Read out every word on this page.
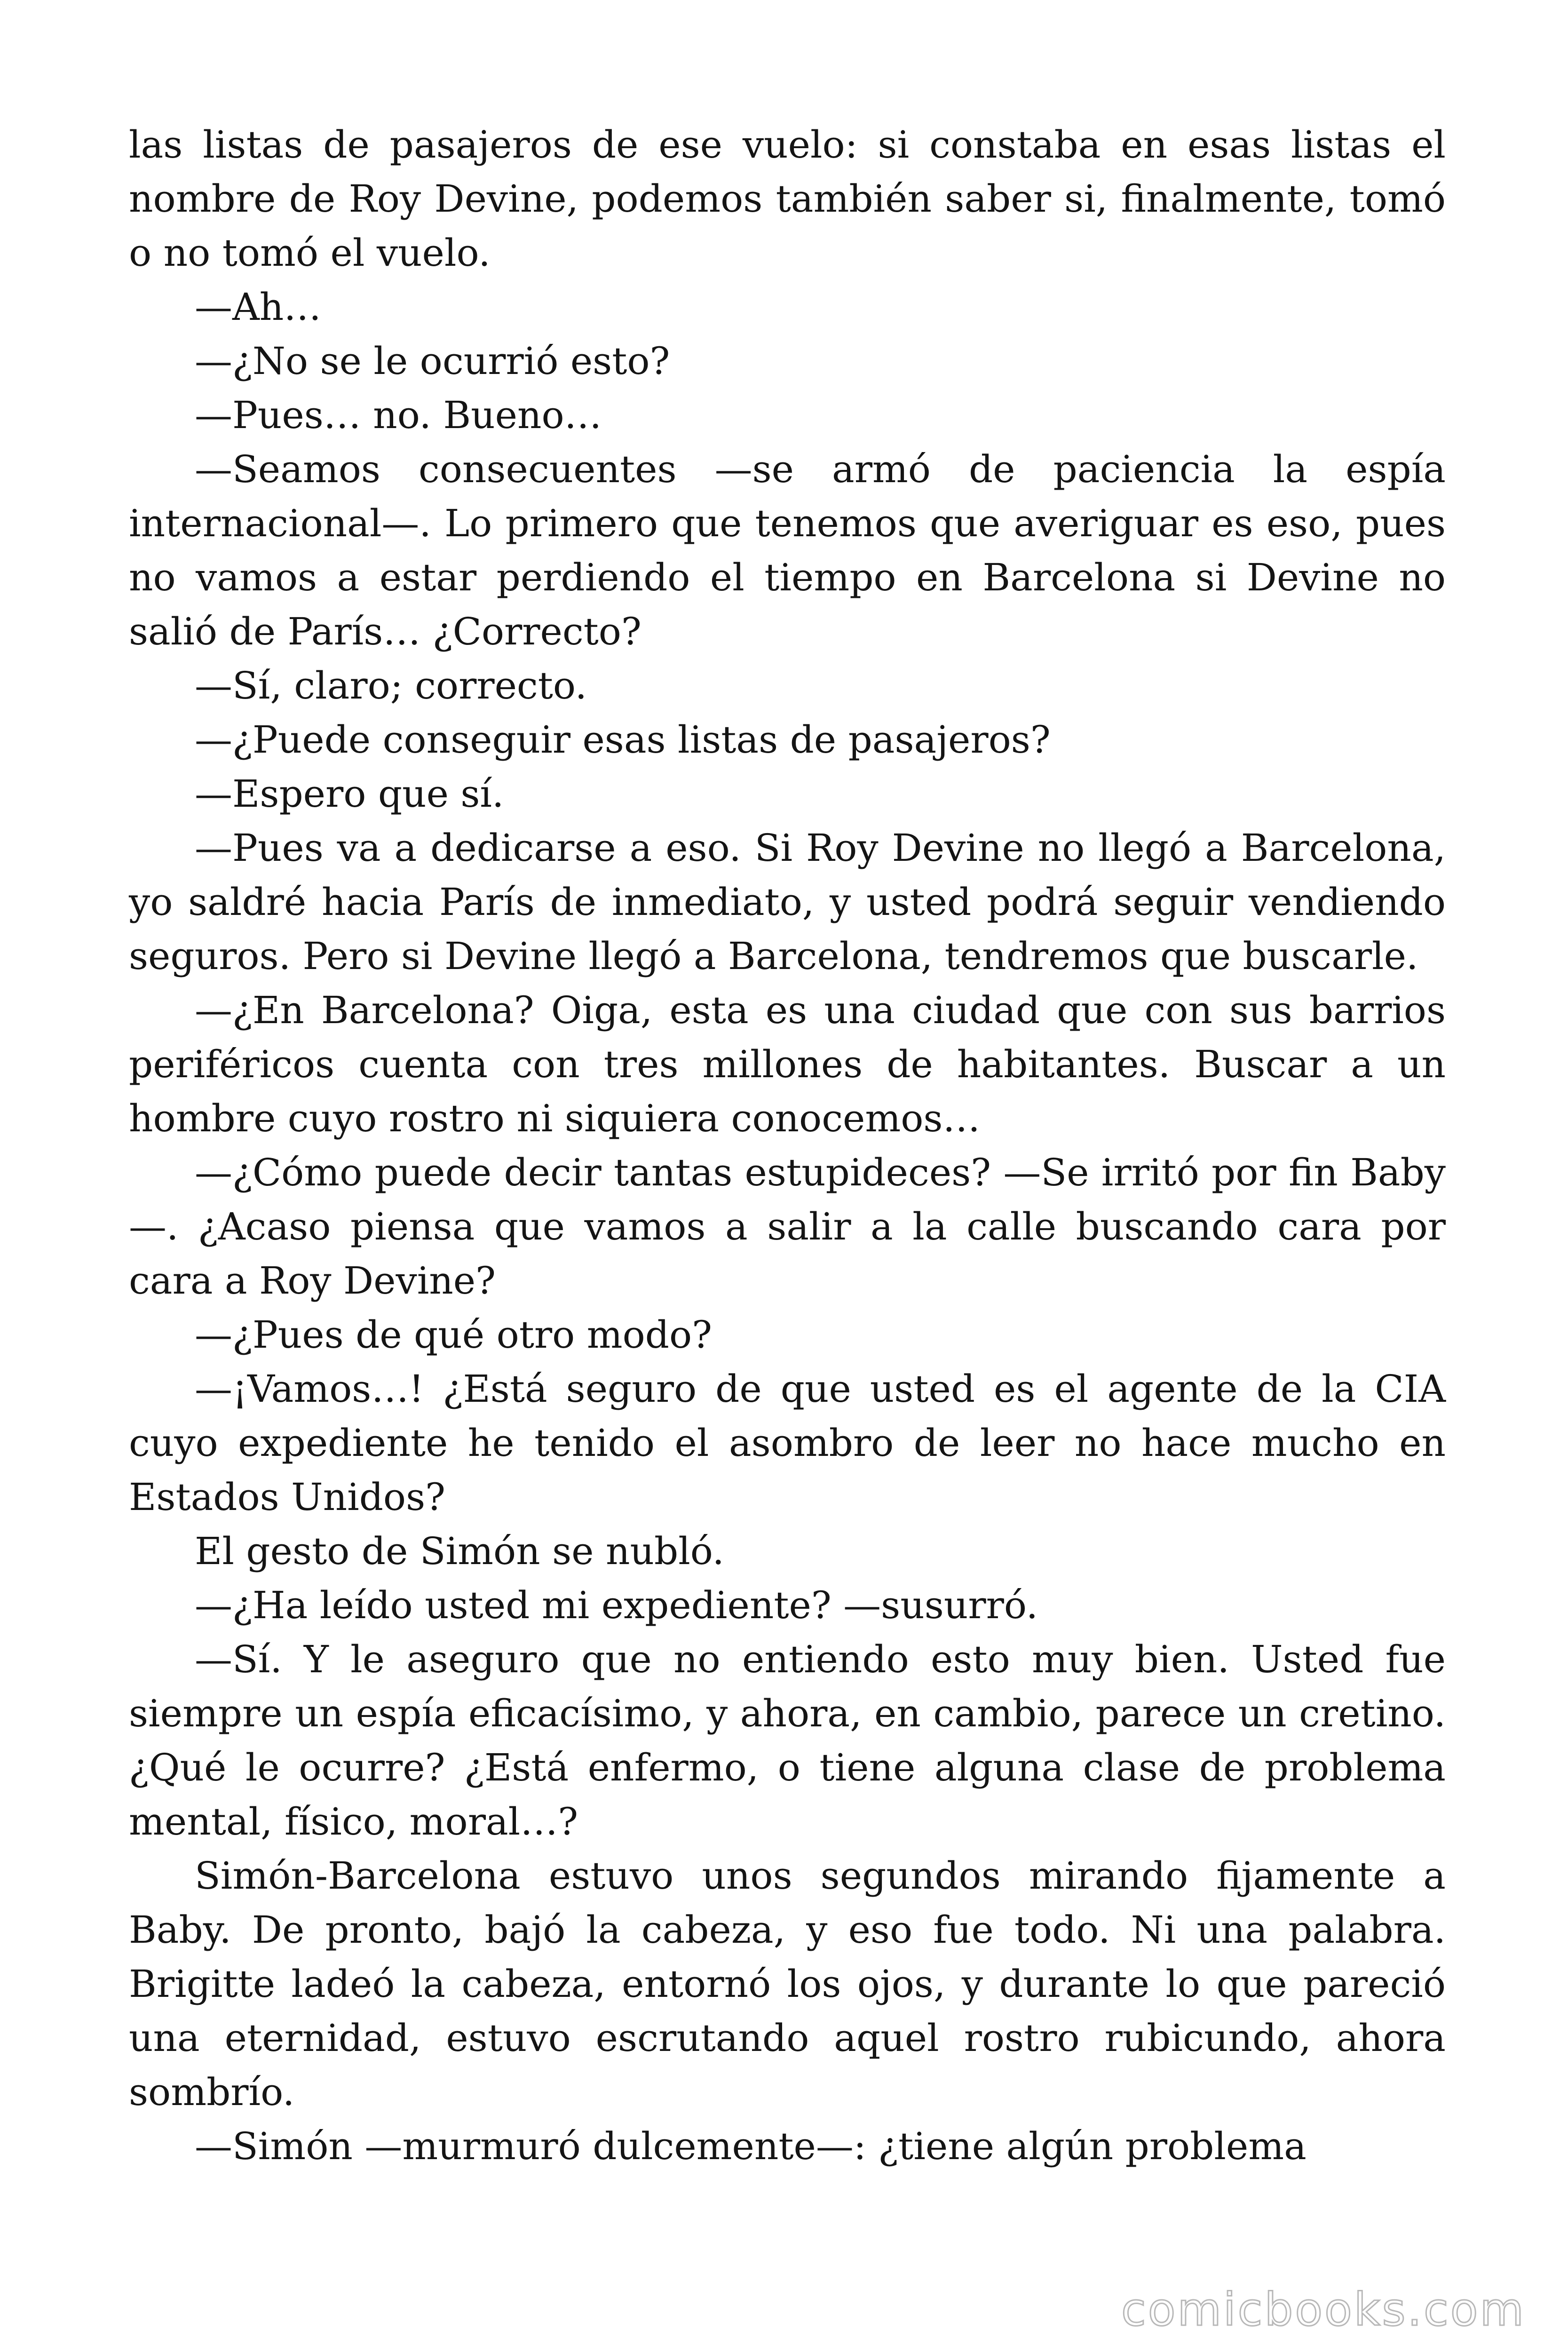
las listas de pasajeros de ese vuelo: si constaba en esas listas el nombre de Roy Devine, podemos también saber si, finalmente, tomó o no tomó el vuelo.

—Ah…

—¿No se le ocurrió esto?

—Pues… no. Bueno…

—Seamos consecuentes —se armó de paciencia la espía internacional—. Lo primero que tenemos que averiguar es eso, pues no vamos a estar perdiendo el tiempo en Barcelona si Devine no salió de París… ¿Correcto?

—Sí, claro; correcto.

—¿Puede conseguir esas listas de pasajeros?

—Espero que sí.

—Pues va a dedicarse a eso. Si Roy Devine no llegó a Barcelona, yo saldré hacia París de inmediato, y usted podrá seguir vendiendo seguros. Pero si Devine llegó a Barcelona, tendremos que buscarle.

—¿En Barcelona? Oiga, esta es una ciudad que con sus barrios periféricos cuenta con tres millones de habitantes. Buscar a un hombre cuyo rostro ni siquiera conocemos…

—¿Cómo puede decir tantas estupideces? —Se irritó por fin Baby—. ¿Acaso piensa que vamos a salir a la calle buscando cara por cara a Roy Devine?

—¿Pues de qué otro modo?

—¡Vamos…! ¿Está seguro de que usted es el agente de la CIA cuyo expediente he tenido el asombro de leer no hace mucho en Estados Unidos?

El gesto de Simón se nubló.

—¿Ha leído usted mi expediente? —susurró.

—Sí. Y le aseguro que no entiendo esto muy bien. Usted fue siempre un espía eficacísimo, y ahora, en cambio, parece un cretino. ¿Qué le ocurre? ¿Está enfermo, o tiene alguna clase de problema mental, físico, moral…?

Simón-Barcelona estuvo unos segundos mirando fijamente a Baby. De pronto, bajó la cabeza, y eso fue todo. Ni una palabra. Brigitte ladeó la cabeza, entornó los ojos, y durante lo que pareció una eternidad, estuvo escrutando aquel rostro rubicundo, ahora sombrío.

—Simón —murmuró dulcemente—: ¿tiene algún problema

comicbooks.com
